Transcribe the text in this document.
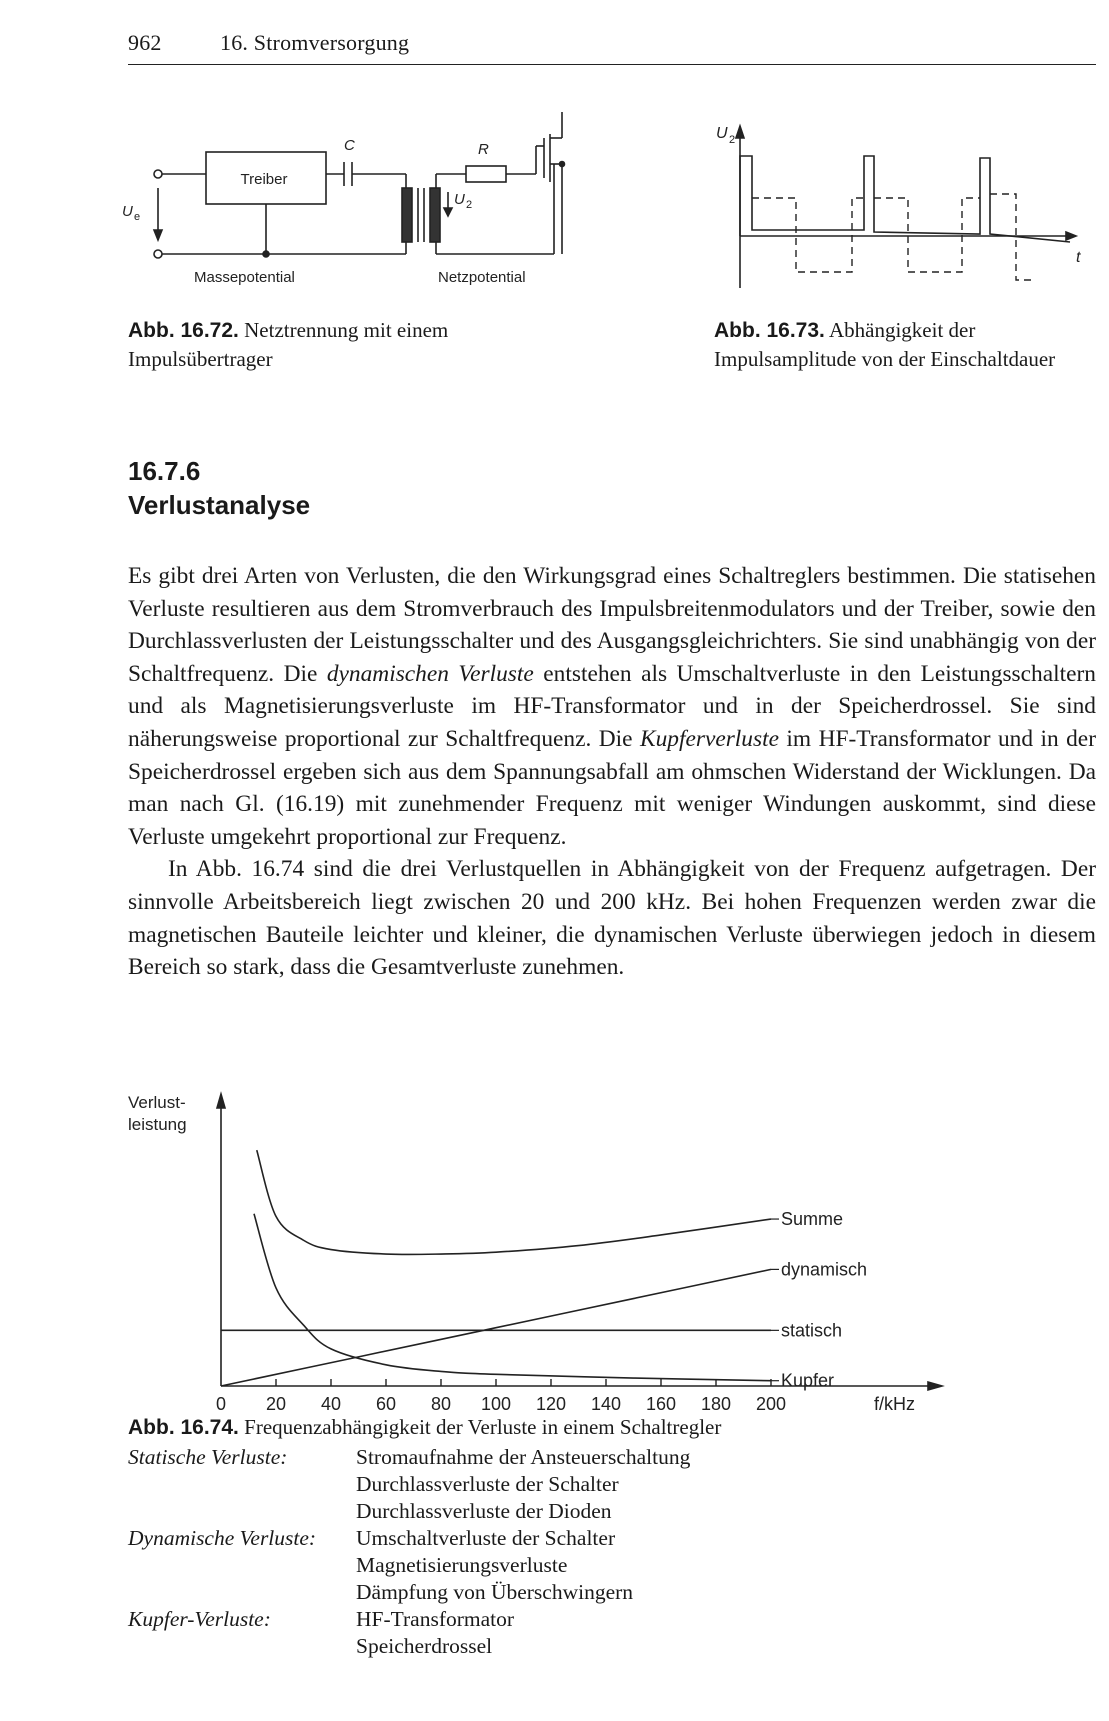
962	16. Stromversorgung
Treiber
C	R
U e
U 2
Massepotential	Netzpotential
U 2
t
Abb. 16.72. Netztrennung mit einem Impulsübertrager
Abb. 16.73. Abhängigkeit der Impulsamplitude von der Einschaltdauer
16.7.6
Verlustanalyse

Es gibt drei Arten von Verlusten, die den Wirkungsgrad eines Schaltreglers bestimmen. Die statisehen Verluste resultieren aus dem Stromverbrauch des Impulsbreitenmodulators und der Treiber, sowie den Durchlassverlusten der Leistungsschalter und des Ausgangsgleichrichters. Sie sind unabhängig von der Schaltfrequenz. Die dynamischen Verluste entstehen als Umschaltverluste in den Leistungsschaltern und als Magnetisierungsverluste im HF-Transformator und in der Speicherdrossel. Sie sind näherungsweise proportional zur Schaltfrequenz. Die Kupferverluste im HF-Transformator und in der Speicherdrossel ergeben sich aus dem Spannungsabfall am ohmschen Widerstand der Wicklungen. Da man nach Gl. (16.19) mit zunehmender Frequenz mit weniger Windungen auskommt, sind diese Verluste umgekehrt proportional zur Frequenz.

In Abb. 16.74 sind die drei Verlustquellen in Abhängigkeit von der Frequenz aufgetragen. Der sinnvolle Arbeitsbereich liegt zwischen 20 und 200 kHz. Bei hohen Frequenzen werden zwar die magnetischen Bauteile leichter und kleiner, die dynamischen Verluste überwiegen jedoch in diesem Bereich so stark, dass die Gesamtverluste zunehmen.

Verlust-
leistung
f/kHz
0 20 40 60 80 100 120 140 160 180 200
Summe
dynamisch
statisch
Kupfer
Abb. 16.74. Frequenzabhängigkeit der Verluste in einem Schaltregler
Statische Verluste:	Stromaufnahme der Ansteuerschaltung
	Durchlassverluste der Schalter
	Durchlassverluste der Dioden
Dynamische Verluste:	Umschaltverluste der Schalter
	Magnetisierungsverluste
	Dämpfung von Überschwingern
Kupfer-Verluste:	HF-Transformator
	Speicherdrossel
